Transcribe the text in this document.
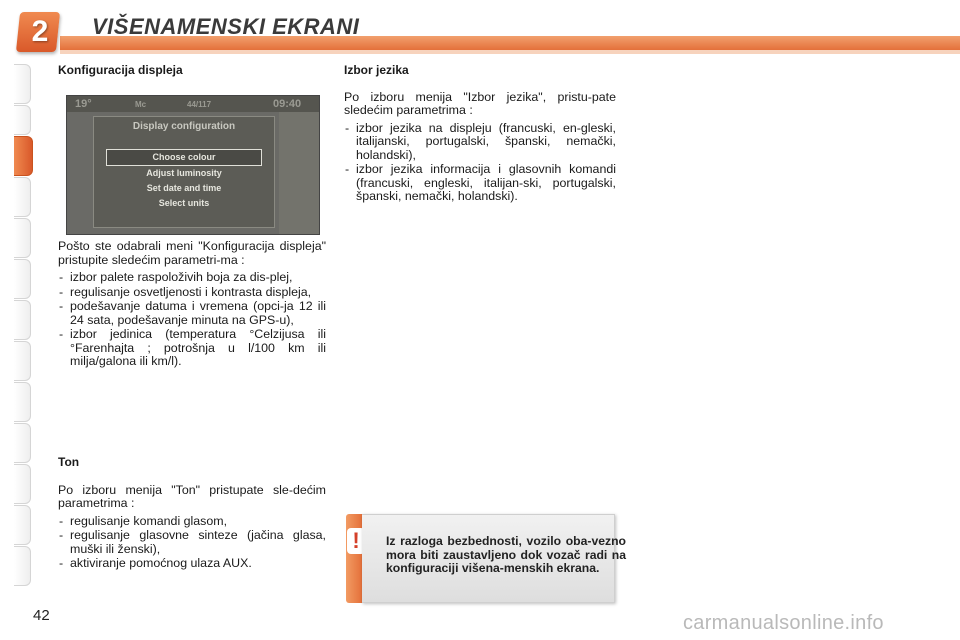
2	VIŠENAMENSKI EKRANI
Konfiguracija displeja
19°	Mc	44/117	09:40
Display configuration
Choose colour
Adjust luminosity
Set date and time
Select units

Pošto ste odabrali meni "Konfiguracija displeja" pristupite sledećim parametri-ma :

- izbor palete raspoloživih boja za dis-plej,
- regulisanje osvetljenosti i kontrasta displeja,
- podešavanje datuma i vremena (opci-ja 12 ili 24 sata, podešavanje minuta na GPS-u),
- izbor jedinica (temperatura °Celzijusa ili °Farenhajta ; potrošnja u l/100 km ili milja/galona ili km/l).
Ton

Po izboru menija "Ton" pristupate sle-dećim parametrima :

- regulisanje komandi glasom,
- regulisanje glasovne sinteze (jačina glasa, muški ili ženski),
- aktiviranje pomoćnog ulaza AUX.
Izbor jezika

Po izboru menija "Izbor jezika", pristu-pate sledećim parametrima :

- izbor jezika na displeju (francuski, en-gleski, italijanski, portugalski, španski, nemački, holandski),
- izbor jezika informacija i glasovnih komandi (francuski, engleski, italijan-ski, portugalski, španski, nemački, holandski).
!	Iz razloga bezbednosti, vozilo oba-vezno mora biti zaustavljeno dok vozač radi na konfiguraciji višena-menskih ekrana.
42	carmanualsonline.info
